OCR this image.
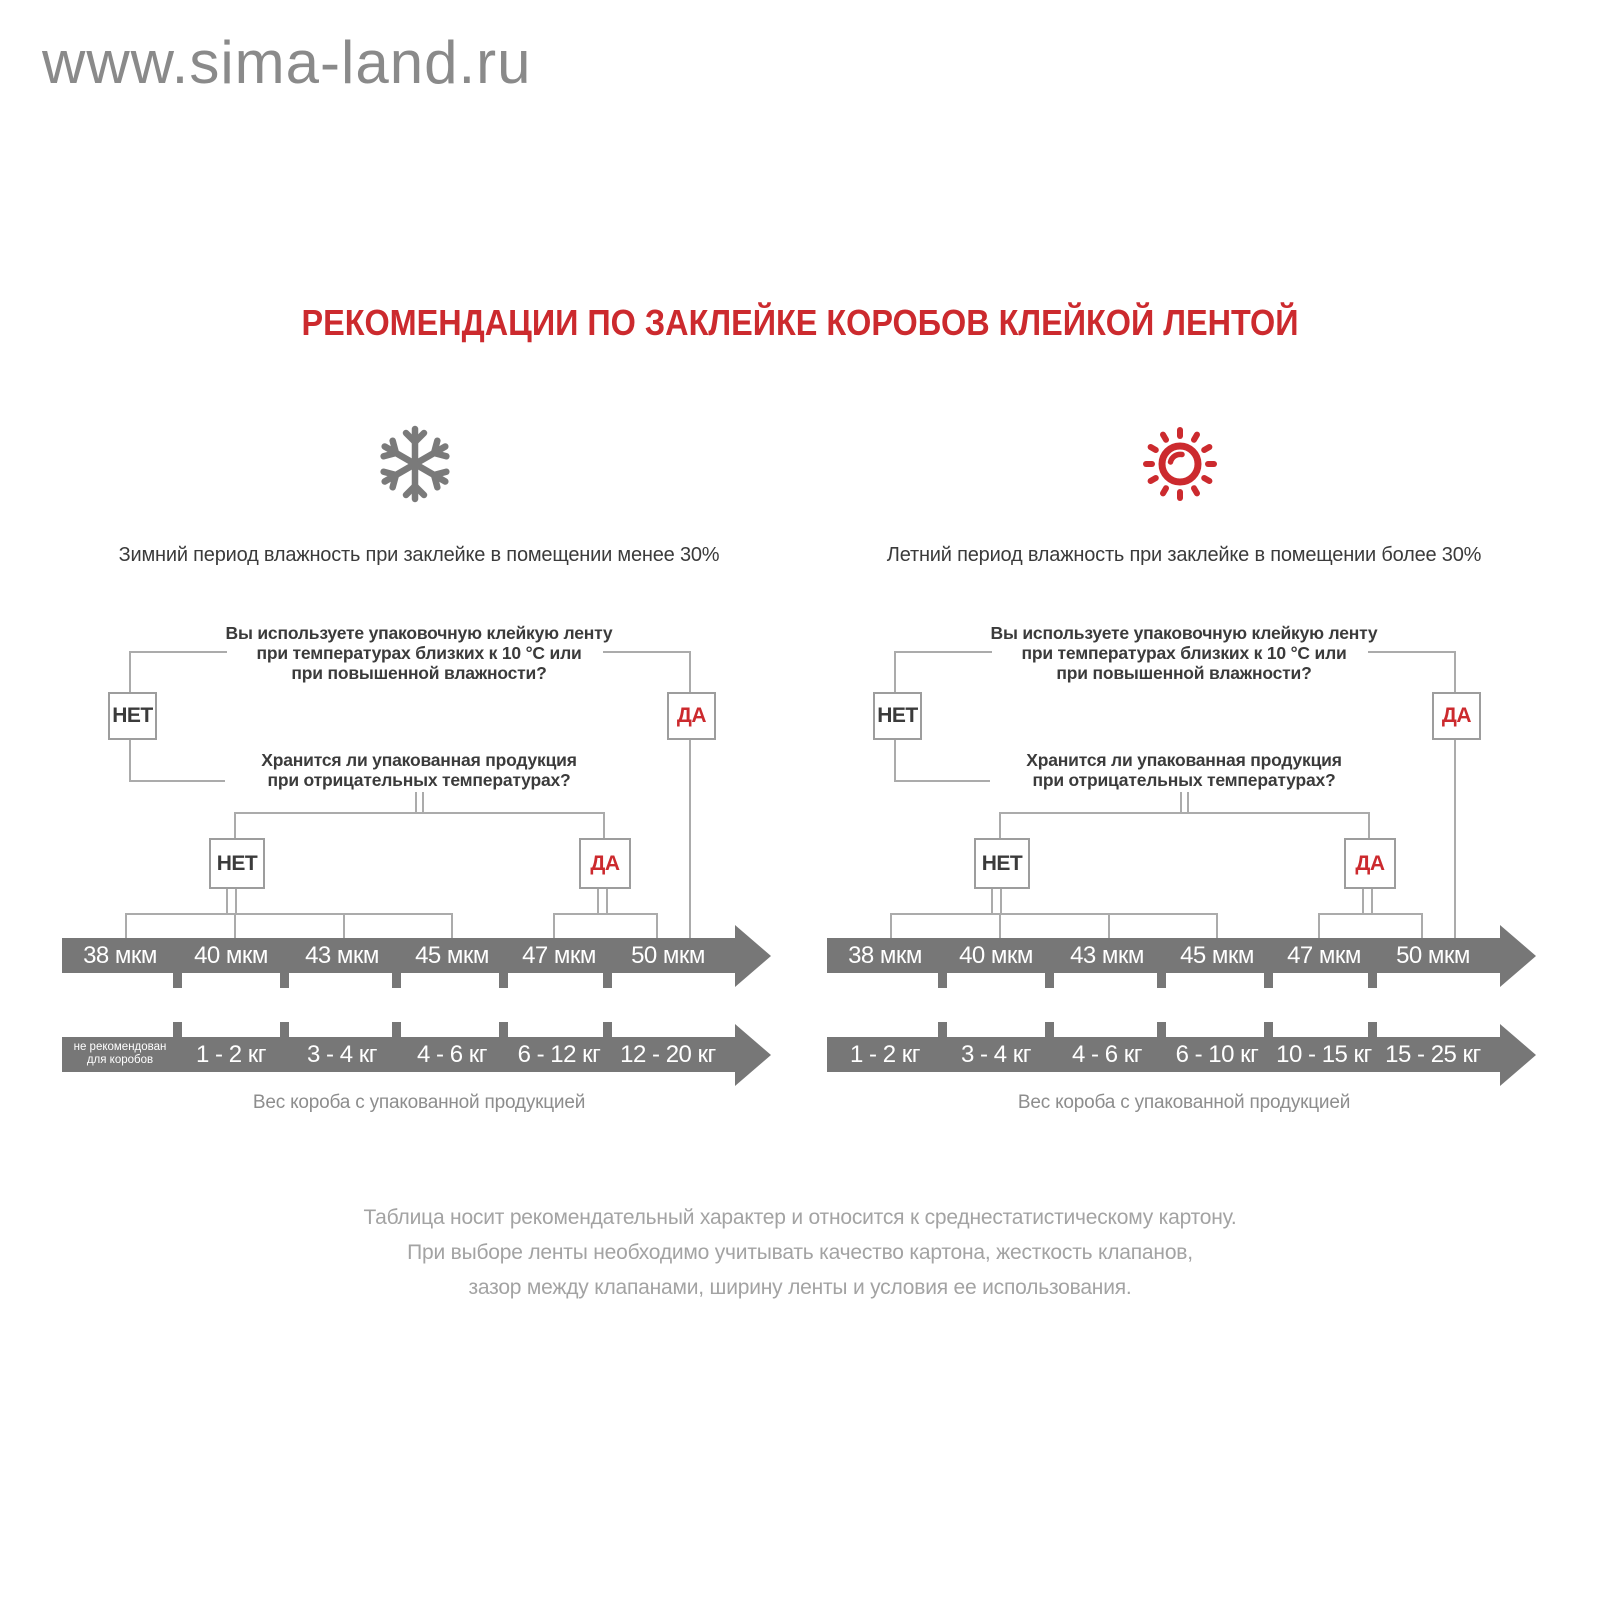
www.sima-land.ru
РЕКОМЕНДАЦИИ ПО ЗАКЛЕЙКЕ КОРОБОВ КЛЕЙКОЙ ЛЕНТОЙ
Зимний период влажность при заклейке в помещении менее 30%
Вы используете упаковочную клейкую ленту
при температурах близких к 10 °С или
при повышенной влажности?
НЕТ	ДА
Хранится ли упакованная продукция
при отрицательных температурах?
НЕТ	ДА
38 мкм	40 мкм	43 мкм	45 мкм	47 мкм	50 мкм
не рекомендован
для коробов	1 - 2 кг	3 - 4 кг	4 - 6 кг	6 - 12 кг 12 - 20 кг
Вес короба с упакованной продукцией
Летний период влажность при заклейке в помещении более 30%
Вы используете упаковочную клейкую ленту
при температурах близких к 10 °С или
при повышенной влажности?
НЕТ	ДА
Хранится ли упакованная продукция
при отрицательных температурах?
НЕТ	ДА
38 мкм	40 мкм	43 мкм	45 мкм	47 мкм	50 мкм
1 - 2 кг	3 - 4 кг	4 - 6 кг	6 - 10 кг 10 - 15 кг 15 - 25 кг
Вес короба с упакованной продукцией
Таблица носит рекомендательный характер и относится к среднестатистическому картону.
При выборе ленты необходимо учитывать качество картона, жесткость клапанов,
зазор между клапанами, ширину ленты и условия ее использования.
